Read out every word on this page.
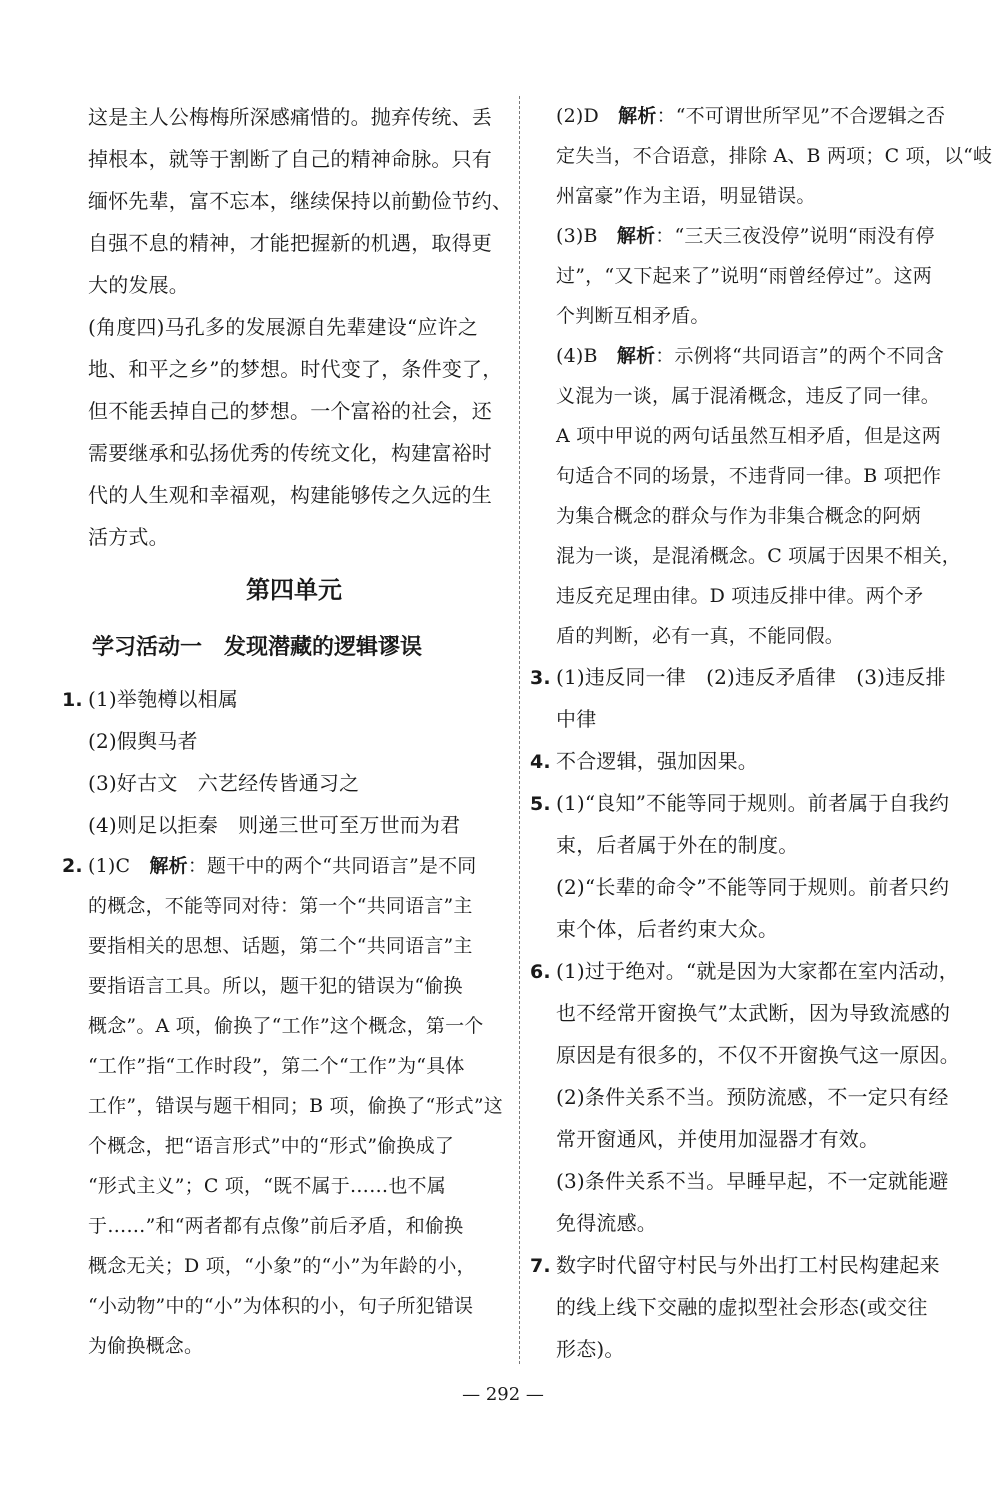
这是主人公梅梅所深感痛惜的。抛弃传统、丢
掉根本，就等于割断了自己的精神命脉。只有
缅怀先辈，富不忘本，继续保持以前勤俭节约、
自强不息的精神，才能把握新的机遇，取得更
大的发展。
(角度四)马孔多的发展源自先辈建设“应许之
地、和平之乡”的梦想。时代变了，条件变了，
但不能丢掉自己的梦想。一个富裕的社会，还
需要继承和弘扬优秀的传统文化，构建富裕时
代的人生观和幸福观，构建能够传之久远的生
活方式。
第四单元
学习活动一　发现潜藏的逻辑谬误
1. (1)举匏樽以相属
(2)假舆马者
(3)好古文　六艺经传皆通习之
(4)则足以拒秦　则递三世可至万世而为君
2. (1)C　解析：题干中的两个“共同语言”是不同
的概念，不能等同对待：第一个“共同语言”主
要指相关的思想、话题，第二个“共同语言”主
要指语言工具。所以，题干犯的错误为“偷换
概念”。A 项，偷换了“工作”这个概念，第一个
“工作”指“工作时段”，第二个“工作”为“具体
工作”，错误与题干相同；B 项，偷换了“形式”这
个概念，把“语言形式”中的“形式”偷换成了
“形式主义”；C 项，“既不属于……也不属
于……”和“两者都有点像”前后矛盾，和偷换
概念无关；D 项，“小象”的“小”为年龄的小，
“小动物”中的“小”为体积的小，句子所犯错误
为偷换概念。
(2)D　解析：“不可谓世所罕见”不合逻辑之否
定失当，不合语意，排除 A、B 两项；C 项，以“岐
州富豪”作为主语，明显错误。
(3)B　解析：“三天三夜没停”说明“雨没有停
过”，“又下起来了”说明“雨曾经停过”。这两
个判断互相矛盾。
(4)B　解析：示例将“共同语言”的两个不同含
义混为一谈，属于混淆概念，违反了同一律。
A 项中甲说的两句话虽然互相矛盾，但是这两
句适合不同的场景，不违背同一律。B 项把作
为集合概念的群众与作为非集合概念的阿炳
混为一谈，是混淆概念。C 项属于因果不相关，
违反充足理由律。D 项违反排中律。两个矛
盾的判断，必有一真，不能同假。
3. (1)违反同一律　(2)违反矛盾律　(3)违反排
中律
4. 不合逻辑，强加因果。
5. (1)“良知”不能等同于规则。前者属于自我约
束，后者属于外在的制度。
(2)“长辈的命令”不能等同于规则。前者只约
束个体，后者约束大众。
6. (1)过于绝对。“就是因为大家都在室内活动，
也不经常开窗换气”太武断，因为导致流感的
原因是有很多的，不仅不开窗换气这一原因。
(2)条件关系不当。预防流感，不一定只有经
常开窗通风，并使用加湿器才有效。
(3)条件关系不当。早睡早起，不一定就能避
免得流感。
7. 数字时代留守村民与外出打工村民构建起来
的线上线下交融的虚拟型社会形态(或交往
形态)。
— 292 —
